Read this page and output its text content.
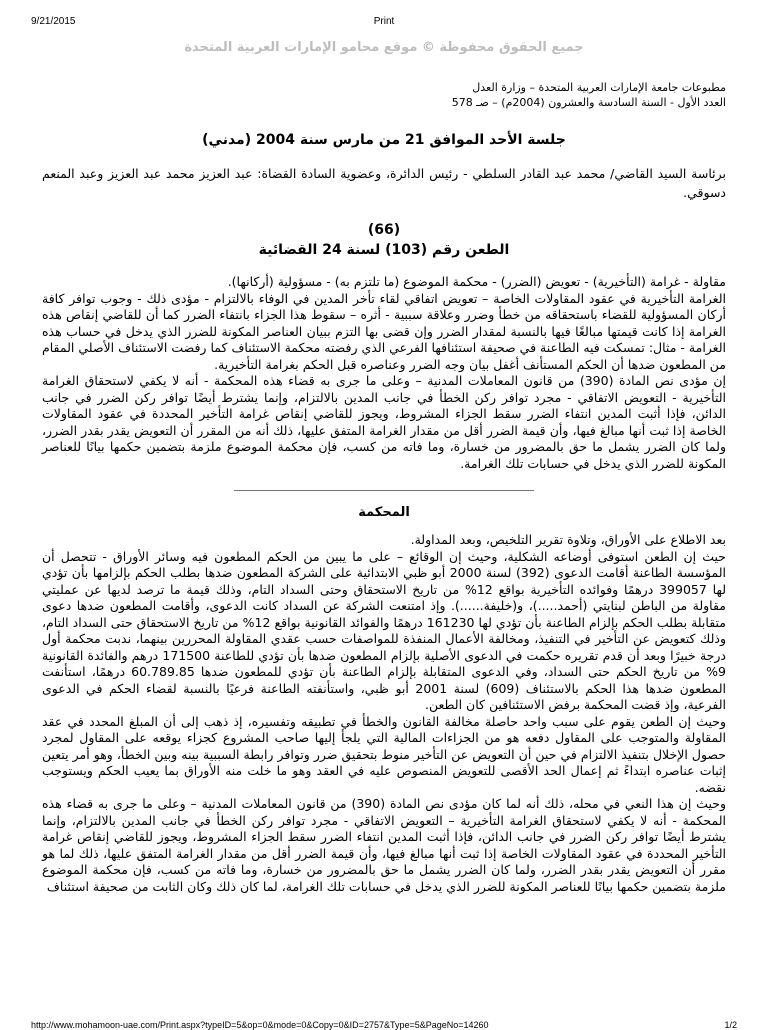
9/21/2015	Print
جميع الحقوق محفوظة © موقع محامو الإمارات العربية المتحدة
مطبوعات جامعة الإمارات العربية المتحدة – وزارة العدل
العدد الأول - السنة السادسة والعشرون (2004م) – صـ 578
جلسة الأحد الموافق 21 من مارس سنة 2004 (مدني)
برئاسة السيد القاضي/ محمد عبد القادر السلطي - رئيس الدائرة، وعضوية السادة القضاة: عبد العزيز محمد عبد العزيز وعبد المنعم دسوقي.
(66)
الطعن رقم (103) لسنة 24 القضائية

مقاولة - غرامة (التأخيرية) - تعويض (الضرر) - محكمة الموضوع (ما تلتزم به) - مسؤولية (أركانها).

الغرامة التأخيرية في عقود المقاولات الخاصة – تعويض اتفاقي لقاء تأخر المدين في الوفاء بالالتزام - مؤدى ذلك - وجوب توافر كافة أركان المسؤولية للقضاء باستحقاقه من خطأ وضرر وعلاقة سببية - أثره – سقوط هذا الجزاء بانتفاء الضرر كما أن للقاضي إنقاص هذه الغرامة إذا كانت قيمتها مبالغًا فيها بالنسبة لمقدار الضرر وإن قضى بها التزم ببيان العناصر المكونة للضرر الذي يدخل في حساب هذه الغرامة - مثال: تمسكت فيه الطاعنة في صحيفة استئنافها الفرعي الذي رفضته محكمة الاستئناف كما رفضت الاستئناف الأصلي المقام من المطعون ضدها أن الحكم المستأنف أغفل بيان وجه الضرر وعناصره قبل الحكم بغرامة التأخيرية.

إن مؤدى نص المادة (390) من قانون المعاملات المدنية – وعلى ما جرى به قضاء هذه المحكمة - أنه لا يكفي لاستحقاق الغرامة التأخيرية - التعويض الاتفاقي - مجرد توافر ركن الخطأ في جانب المدين بالالتزام، وإنما يشترط أيضًا توافر ركن الضرر في جانب الدائن، فإذا أثبت المدين انتفاء الضرر سقط الجزاء المشروط، ويجوز للقاضي إنقاص غرامة التأخير المحددة في عقود المقاولات الخاصة إذا ثبت أنها مبالغ فيها، وأن قيمة الضرر أقل من مقدار الغرامة المتفق عليها، ذلك أنه من المقرر أن التعويض يقدر بقدر الضرر، ولما كان الضرر يشمل ما حق بالمضرور من خسارة، وما فاته من كسب، فإن محكمة الموضوع ملزمة بتضمين حكمها بيانًا للعناصر المكونة للضرر الذي يدخل في حسابات تلك الغرامة.

المحكمة

بعد الاطلاع على الأوراق، وتلاوة تقرير التلخيص، وبعد المداولة.

حيث إن الطعن استوفى أوضاعه الشكلية، وحيث إن الوقائع – على ما يبين من الحكم المطعون فيه وسائر الأوراق - تتحصل أن المؤسسة الطاعنة أقامت الدعوى (392) لسنة 2000 أبو ظبي الابتدائية على الشركة المطعون ضدها بطلب الحكم بإلزامها بأن تؤدي لها 399057 درهمًا وفوائده التأخيرية بواقع 12% من تاريخ الاستحقاق وحتى السداد التام، وذلك قيمة ما ترصد لديها عن عمليتي مقاولة من الباطن لبنايتي (أحمد.....)، و(خليفة......). وإذ امتنعت الشركة عن السداد كانت الدعوى، وأقامت المطعون ضدها دعوى متقابلة بطلب الحكم بإلزام الطاعنة بأن تؤدي لها 161230 درهمًا والفوائد القانونية بواقع 12% من تاريخ الاستحقاق حتى السداد التام، وذلك كتعويض عن التأخير في التنفيذ، ومخالفة الأعمال المنفذة للمواصفات حسب عقدي المقاولة المحررين بينهما، ندبت محكمة أول درجة خبيرًا وبعد أن قدم تقريره حكمت في الدعوى الأصلية بإلزام المطعون ضدها بأن تؤدي للطاعنة 171500 درهم والفائدة القانونية 9% من تاريخ الحكم حتى السداد، وفي الدعوى المتقابلة بإلزام الطاعنة بأن تؤدي للمطعون ضدها 60.789.85 درهمًا، استأنفت المطعون ضدها هذا الحكم بالاستئناف (609) لسنة 2001 أبو ظبي، واستأنفته الطاعنة فرعيًا بالنسبة لقضاء الحكم في الدعوى الفرعية، وإذ قضت المحكمة برفض الاستئنافين كان الطعن.

وحيث إن الطعن يقوم على سبب واحد حاصلة مخالفة القانون والخطأ في تطبيقه وتفسيره، إذ ذهب إلى أن المبلغ المحدد في عقد المقاولة والمتوجب على المقاول دفعه هو من الجزاءات المالية التي يلجأ إليها صاحب المشروع كجزاء يوقعه على المقاول لمجرد حصول الإخلال بتنفيذ الالتزام في حين أن التعويض عن التأخير منوط بتحقيق ضرر وتوافر رابطة السببية بينه وبين الخطأ، وهو أمر يتعين إثبات عناصره ابتداءً ثم إعمال الحد الأقصى للتعويض المنصوص عليه في العقد وهو ما خلت منه الأوراق بما يعيب الحكم ويستوجب نقضه.

وحيث إن هذا النعي في محله، ذلك أنه لما كان مؤدى نص المادة (390) من قانون المعاملات المدنية – وعلى ما جرى به قضاء هذه المحكمة - أنه لا يكفي لاستحقاق الغرامة التأخيرية – التعويض الاتفاقي - مجرد توافر ركن الخطأ في جانب المدين بالالتزام، وإنما يشترط أيضًا توافر ركن الضرر في جانب الدائن، فإذا أثبت المدين انتفاء الضرر سقط الجزاء المشروط، ويجوز للقاضي إنقاص غرامة التأخير المحددة في عقود المقاولات الخاصة إذا ثبت أنها مبالغ فيها، وأن قيمة الضرر أقل من مقدار الغرامة المتفق عليها، ذلك لما هو مقرر أن التعويض يقدر بقدر الضرر، ولما كان الضرر يشمل ما حق بالمضرور من خسارة، وما فاته من كسب، فإن محكمة الموضوع ملزمة بتضمين حكمها بيانًا للعناصر المكونة للضرر الذي يدخل في حسابات تلك الغرامة، لما كان ذلك وكان الثابت من صحيفة استئناف

http://www.mohamoon-uae.com/Print.aspx?typeID=5&op=0&mode=0&Copy=0&ID=2757&Type=5&PageNo=14260	1/2
